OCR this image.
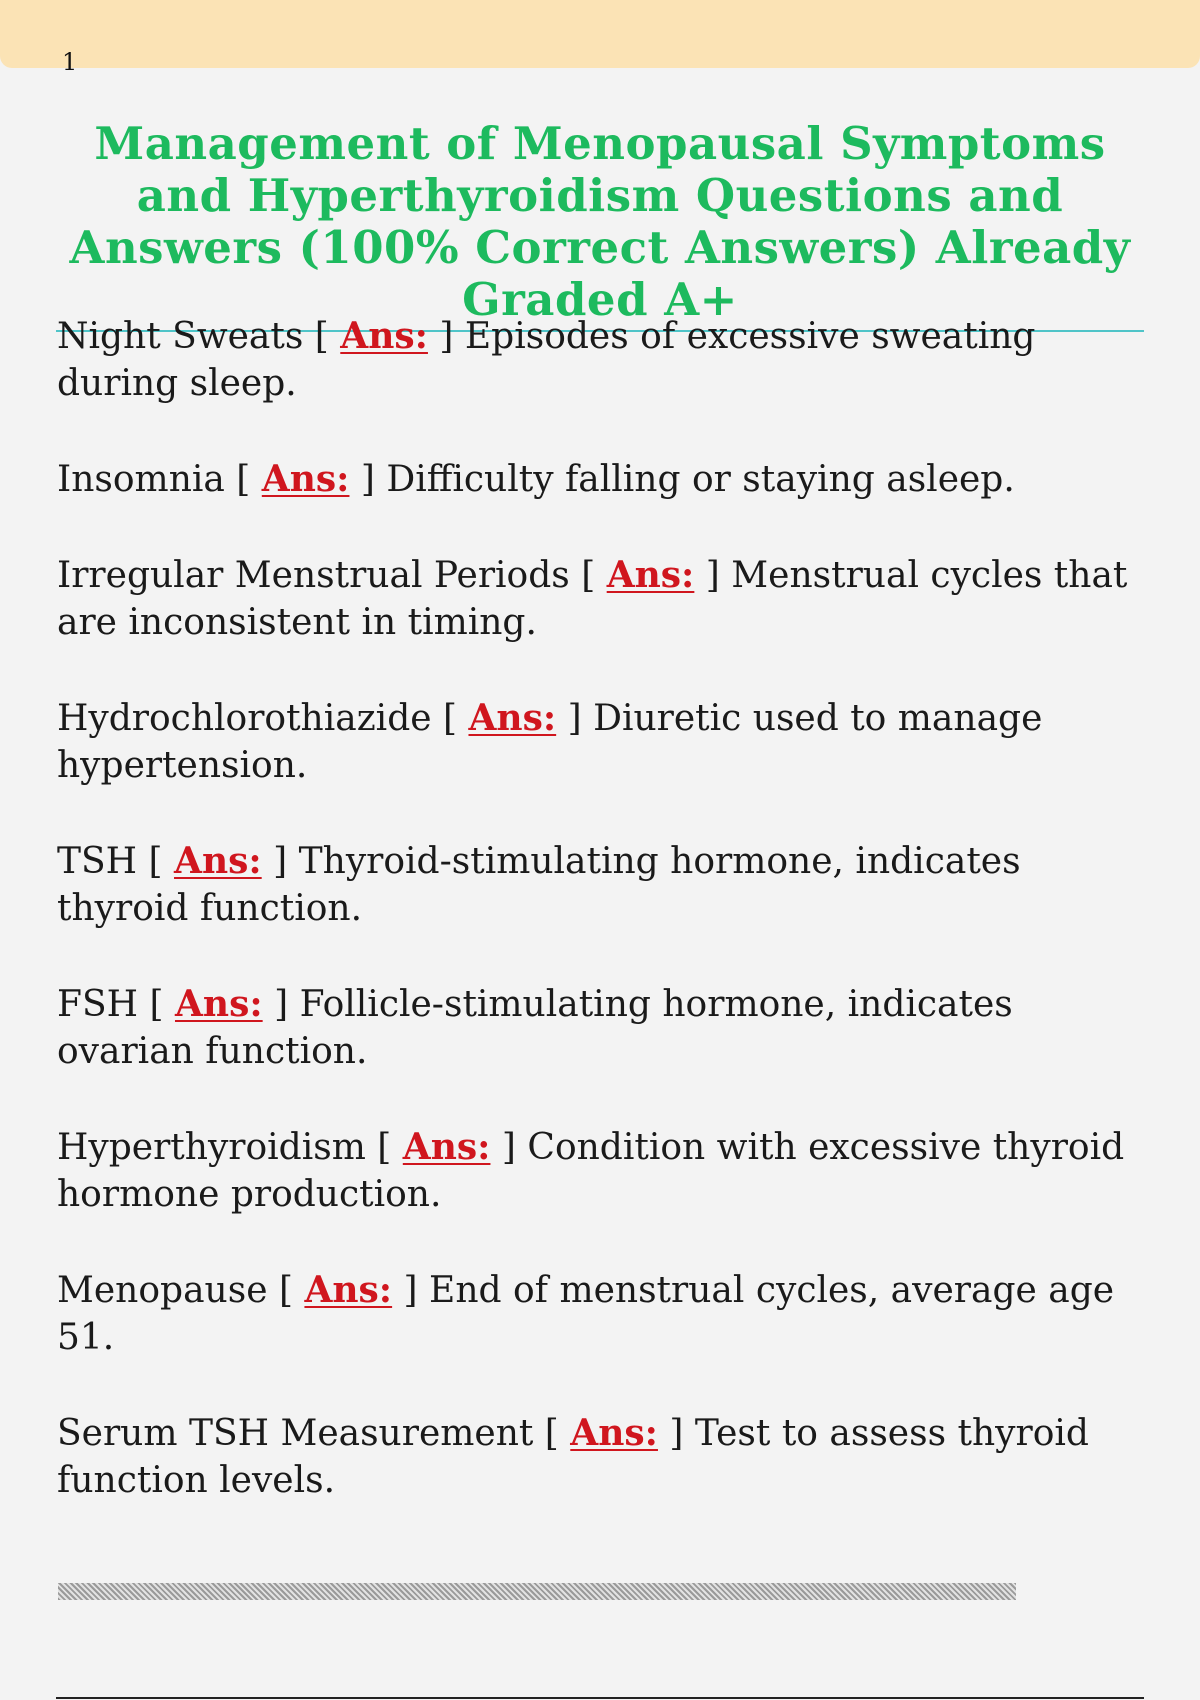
1
Management of Menopausal Symptoms and Hyperthyroidism Questions and Answers (100% Correct Answers) Already Graded A+

Night Sweats [ Ans: ] Episodes of excessive sweating during sleep.

Insomnia [ Ans: ] Difficulty falling or staying asleep.

Irregular Menstrual Periods [ Ans: ] Menstrual cycles that are inconsistent in timing.

Hydrochlorothiazide [ Ans: ] Diuretic used to manage hypertension.

TSH [ Ans: ] Thyroid-stimulating hormone, indicates thyroid function.

FSH [ Ans: ] Follicle-stimulating hormone, indicates ovarian function.

Hyperthyroidism [ Ans: ] Condition with excessive thyroid hormone production.

Menopause [ Ans: ] End of menstrual cycles, average age 51.

Serum TSH Measurement [ Ans: ] Test to assess thyroid function levels.
